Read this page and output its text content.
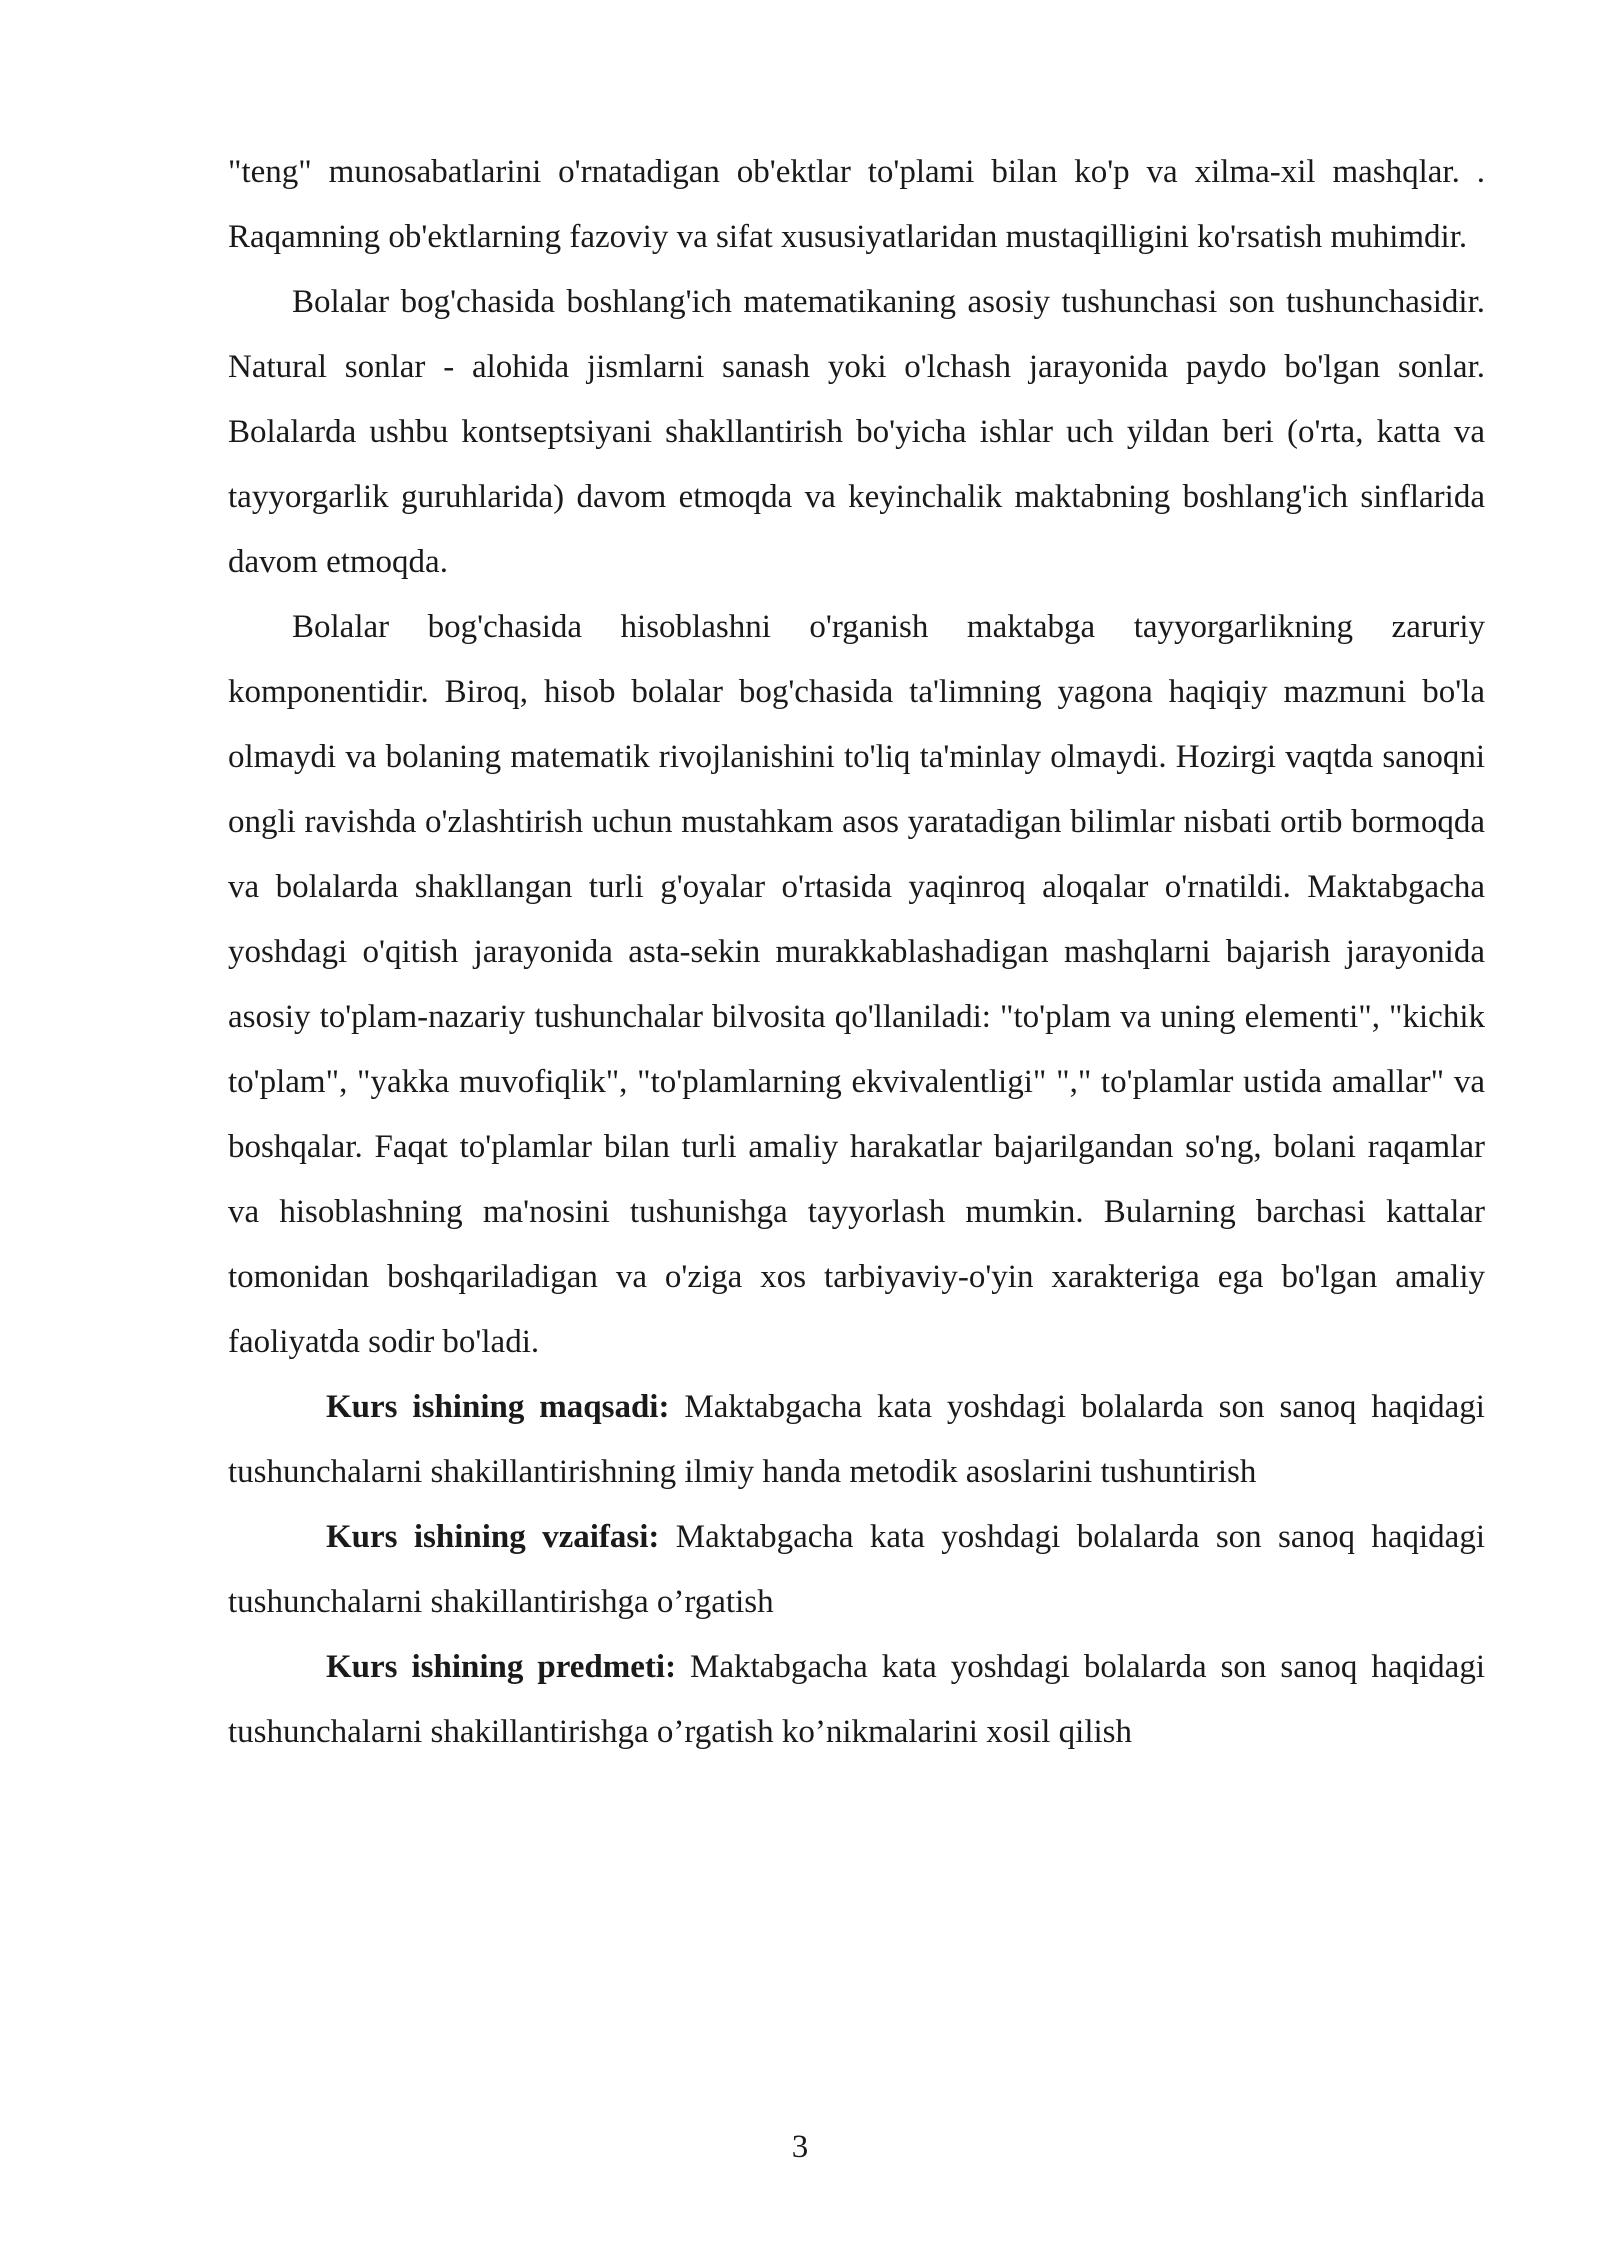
"teng" munosabatlarini o'rnatadigan ob'ektlar to'plami bilan ko'p va xilma-xil mashqlar. . Raqamning ob'ektlarning fazoviy va sifat xususiyatlaridan mustaqilligini ko'rsatish muhimdir.

Bolalar bog'chasida boshlang'ich matematikaning asosiy tushunchasi son tushunchasidir. Natural sonlar - alohida jismlarni sanash yoki o'lchash jarayonida paydo bo'lgan sonlar. Bolalarda ushbu kontseptsiyani shakllantirish bo'yicha ishlar uch yildan beri (o'rta, katta va tayyorgarlik guruhlarida) davom etmoqda va keyinchalik maktabning boshlang'ich sinflarida davom etmoqda.

Bolalar bog'chasida hisoblashni o'rganish maktabga tayyorgarlikning zaruriy komponentidir. Biroq, hisob bolalar bog'chasida ta'limning yagona haqiqiy mazmuni bo'la olmaydi va bolaning matematik rivojlanishini to'liq ta'minlay olmaydi. Hozirgi vaqtda sanoqni ongli ravishda o'zlashtirish uchun mustahkam asos yaratadigan bilimlar nisbati ortib bormoqda va bolalarda shakllangan turli g'oyalar o'rtasida yaqinroq aloqalar o'rnatildi. Maktabgacha yoshdagi o'qitish jarayonida asta-sekin murakkablashadigan mashqlarni bajarish jarayonida asosiy to'plam-nazariy tushunchalar bilvosita qo'llaniladi: "to'plam va uning elementi", "kichik to'plam", "yakka muvofiqlik", "to'plamlarning ekvivalentligi" "," to'plamlar ustida amallar" va boshqalar. Faqat to'plamlar bilan turli amaliy harakatlar bajarilgandan so'ng, bolani raqamlar va hisoblashning ma'nosini tushunishga tayyorlash mumkin. Bularning barchasi kattalar tomonidan boshqariladigan va o'ziga xos tarbiyaviy-o'yin xarakteriga ega bo'lgan amaliy faoliyatda sodir bo'ladi.

Kurs ishining maqsadi: Maktabgacha kata yoshdagi bolalarda son sanoq haqidagi tushunchalarni shakillantirishning ilmiy handa metodik asoslarini tushuntirish

Kurs ishining vzaifasi: Maktabgacha kata yoshdagi bolalarda son sanoq haqidagi tushunchalarni shakillantirishga o’rgatish

Kurs ishining predmeti: Maktabgacha kata yoshdagi bolalarda son sanoq haqidagi tushunchalarni shakillantirishga o’rgatish ko’nikmalarini xosil qilish

3
